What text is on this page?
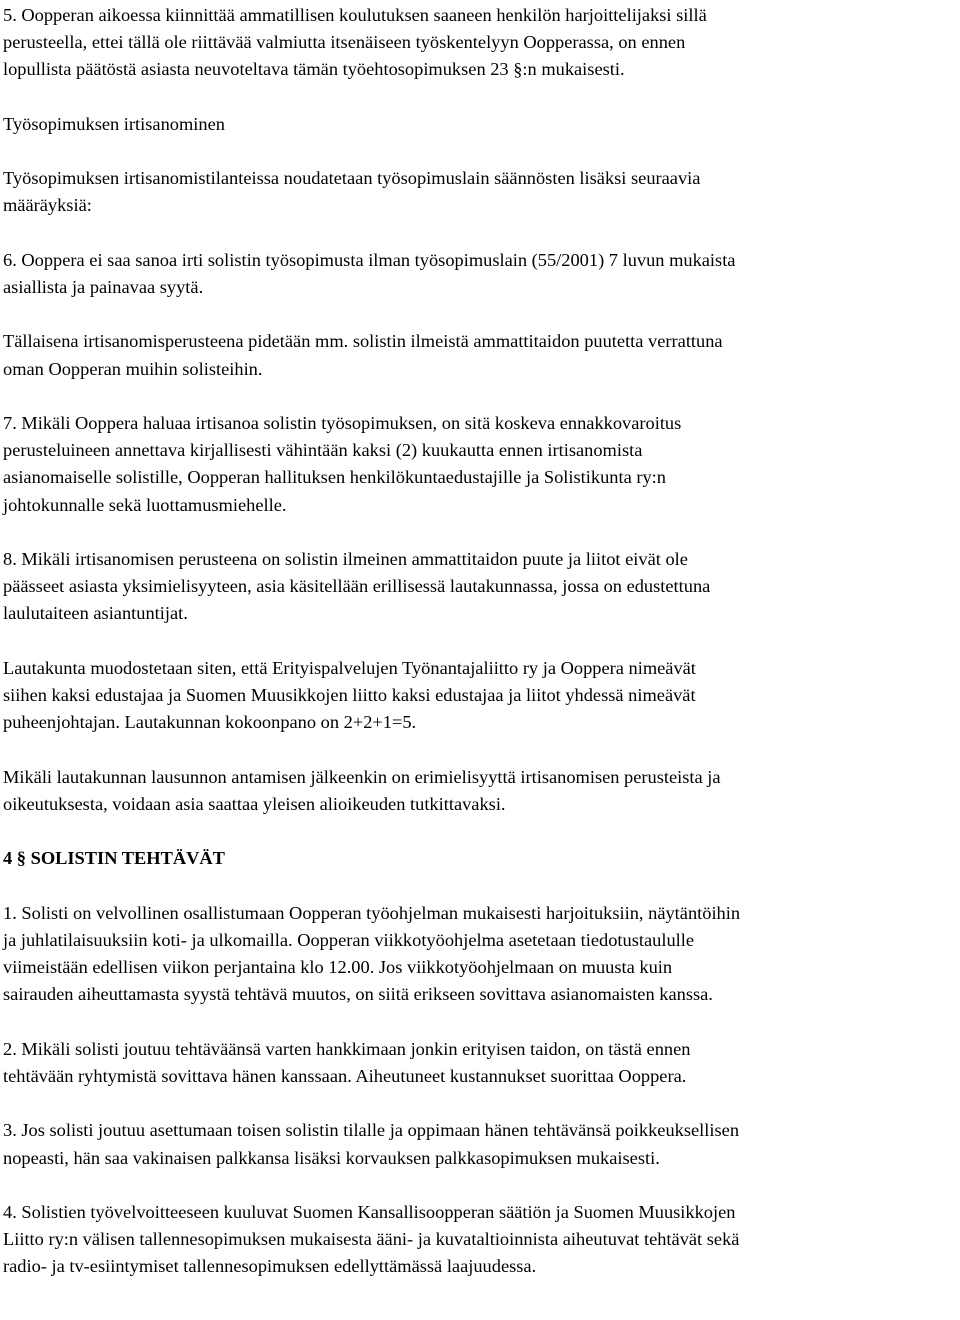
5. Oopperan aikoessa kiinnittää ammatillisen koulutuksen saaneen henkilön harjoittelijaksi sillä
perusteella, ettei tällä ole riittävää valmiutta itsenäiseen työskentelyyn Oopperassa, on ennen
lopullista päätöstä asiasta neuvoteltava tämän työehtosopimuksen 23 §:n mukaisesti.

Työsopimuksen irtisanominen

Työsopimuksen irtisanomistilanteissa noudatetaan työsopimuslain säännösten lisäksi seuraavia
määräyksiä:

6. Ooppera ei saa sanoa irti solistin työsopimusta ilman työsopimuslain (55/2001) 7 luvun mukaista
asiallista ja painavaa syytä.

Tällaisena irtisanomisperusteena pidetään mm. solistin ilmeistä ammattitaidon puutetta verrattuna
oman Oopperan muihin solisteihin.

7. Mikäli Ooppera haluaa irtisanoa solistin työsopimuksen, on sitä koskeva ennakkovaroitus
perusteluineen annettava kirjallisesti vähintään kaksi (2) kuukautta ennen irtisanomista
asianomaiselle solistille, Oopperan hallituksen henkilökuntaedustajille ja Solistikunta ry:n
johtokunnalle sekä luottamusmiehelle.

8. Mikäli irtisanomisen perusteena on solistin ilmeinen ammattitaidon puute ja liitot eivät ole
päässeet asiasta yksimielisyyteen, asia käsitellään erillisessä lautakunnassa, jossa on edustettuna
laulutaiteen asiantuntijat.

Lautakunta muodostetaan siten, että Erityispalvelujen Työnantajaliitto ry ja Ooppera nimeävät
siihen kaksi edustajaa ja Suomen Muusikkojen liitto kaksi edustajaa ja liitot yhdessä nimeävät
puheenjohtajan. Lautakunnan kokoonpano on 2+2+1=5.

Mikäli lautakunnan lausunnon antamisen jälkeenkin on erimielisyyttä irtisanomisen perusteista ja
oikeutuksesta, voidaan asia saattaa yleisen alioikeuden tutkittavaksi.

4 § SOLISTIN TEHTÄVÄT

1. Solisti on velvollinen osallistumaan Oopperan työohjelman mukaisesti harjoituksiin, näytäntöihin
ja juhlatilaisuuksiin koti- ja ulkomailla. Oopperan viikkotyöohjelma asetetaan tiedotustaululle
viimeistään edellisen viikon perjantaina klo 12.00. Jos viikkotyöohjelmaan on muusta kuin
sairauden aiheuttamasta syystä tehtävä muutos, on siitä erikseen sovittava asianomaisten kanssa.

2. Mikäli solisti joutuu tehtäväänsä varten hankkimaan jonkin erityisen taidon, on tästä ennen
tehtävään ryhtymistä sovittava hänen kanssaan. Aiheutuneet kustannukset suorittaa Ooppera.

3. Jos solisti joutuu asettumaan toisen solistin tilalle ja oppimaan hänen tehtävänsä poikkeuksellisen
nopeasti, hän saa vakinaisen palkkansa lisäksi korvauksen palkkasopimuksen mukaisesti.

4. Solistien työvelvoitteeseen kuuluvat Suomen Kansallisoopperan säätiön ja Suomen Muusikkojen
Liitto ry:n välisen tallennesopimuksen mukaisesta ääni- ja kuvataltioinnista aiheutuvat tehtävät sekä
radio- ja tv-esiintymiset tallennesopimuksen edellyttämässä laajuudessa.
